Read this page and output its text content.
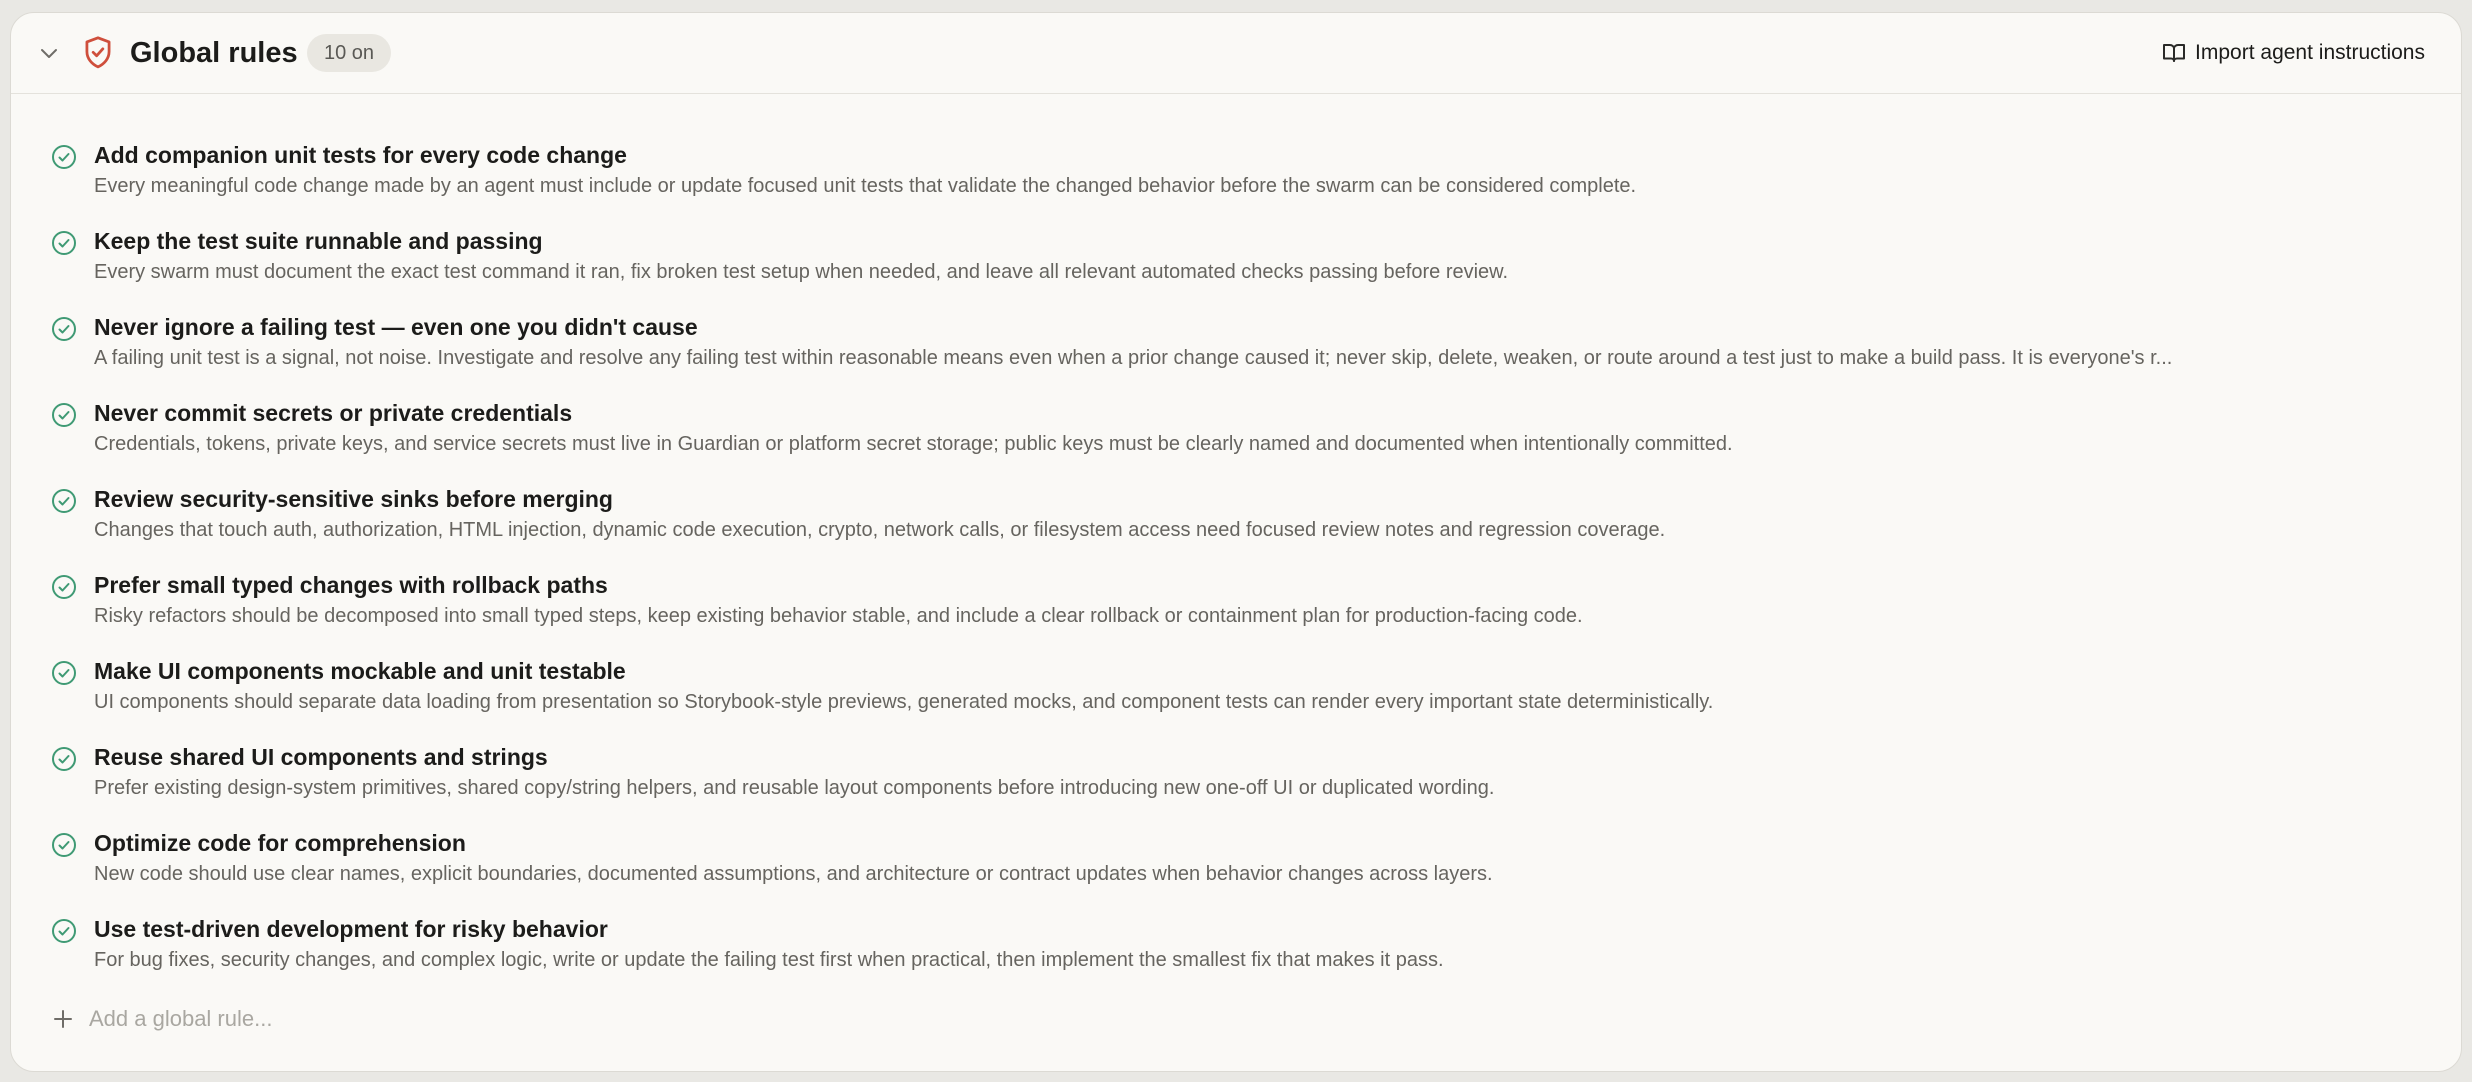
Global rules	10 on	Import agent instructions
Add companion unit tests for every code change
Every meaningful code change made by an agent must include or update focused unit tests that validate the changed behavior before the swarm can be considered complete.
Keep the test suite runnable and passing
Every swarm must document the exact test command it ran, fix broken test setup when needed, and leave all relevant automated checks passing before review.
Never ignore a failing test — even one you didn't cause
A failing unit test is a signal, not noise. Investigate and resolve any failing test within reasonable means even when a prior change caused it; never skip, delete, weaken, or route around a test just to make a build pass. It is everyone's r...
Never commit secrets or private credentials
Credentials, tokens, private keys, and service secrets must live in Guardian or platform secret storage; public keys must be clearly named and documented when intentionally committed.
Review security-sensitive sinks before merging
Changes that touch auth, authorization, HTML injection, dynamic code execution, crypto, network calls, or filesystem access need focused review notes and regression coverage.
Prefer small typed changes with rollback paths
Risky refactors should be decomposed into small typed steps, keep existing behavior stable, and include a clear rollback or containment plan for production-facing code.
Make UI components mockable and unit testable
UI components should separate data loading from presentation so Storybook-style previews, generated mocks, and component tests can render every important state deterministically.
Reuse shared UI components and strings
Prefer existing design-system primitives, shared copy/string helpers, and reusable layout components before introducing new one-off UI or duplicated wording.
Optimize code for comprehension
New code should use clear names, explicit boundaries, documented assumptions, and architecture or contract updates when behavior changes across layers.
Use test-driven development for risky behavior
For bug fixes, security changes, and complex logic, write or update the failing test first when practical, then implement the smallest fix that makes it pass.
Add a global rule...
